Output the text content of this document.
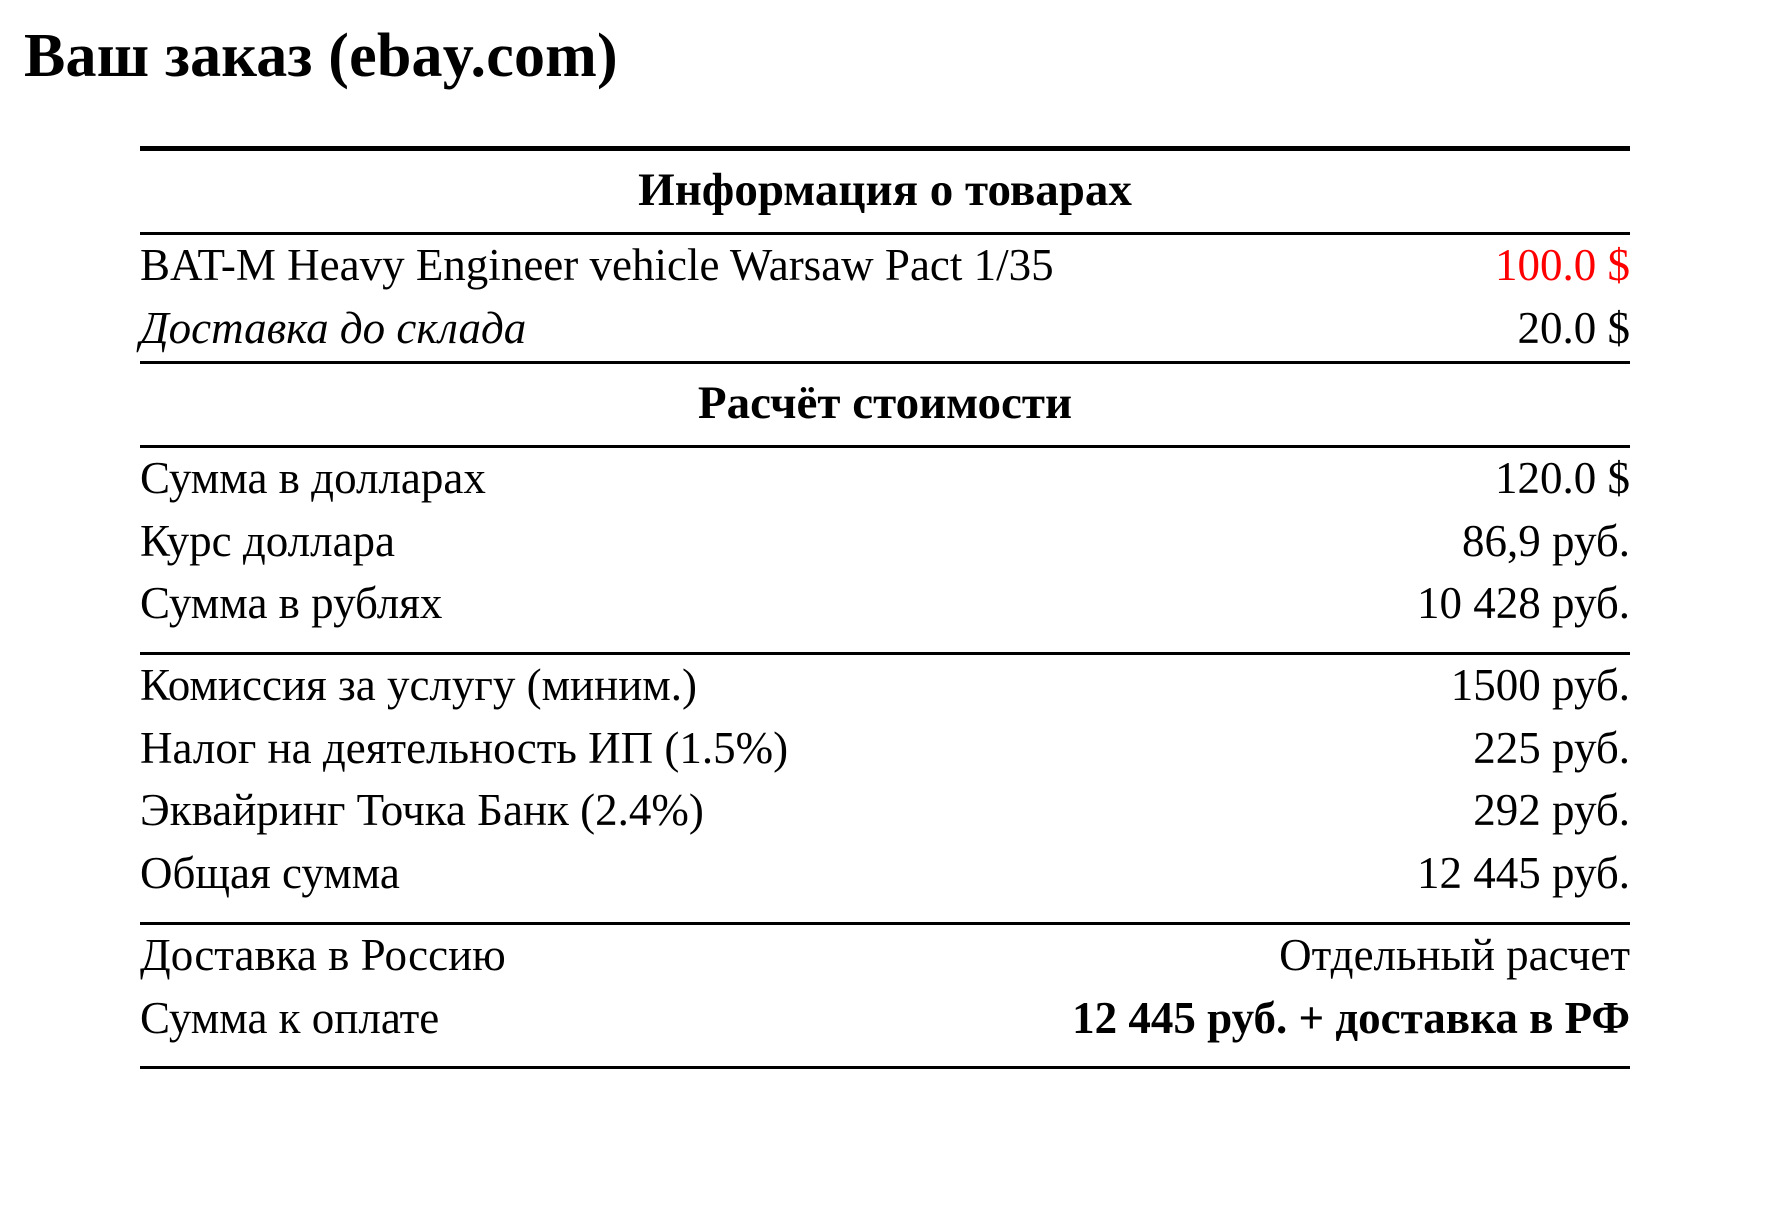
Ваш заказ (ebay.com)
Информация о товарах	
BAT-M Heavy Engineer vehicle Warsaw Pact 1/35	100.0 $
Доставка до склада	20.0 $
Расчёт стоимости	
Сумма в долларах	120.0 $
Курс доллара	86,9 руб.
Сумма в рублях	10 428 руб.

Комиссия за услугу (миним.)	1500 руб.
Налог на деятельность ИП (1.5%)	225 руб.
Эквайринг Точка Банк (2.4%)	292 руб.
Общая сумма	12 445 руб.

Доставка в Россию	Отдельный расчет
Сумма к оплате	12 445 руб. + доставка в РФ
